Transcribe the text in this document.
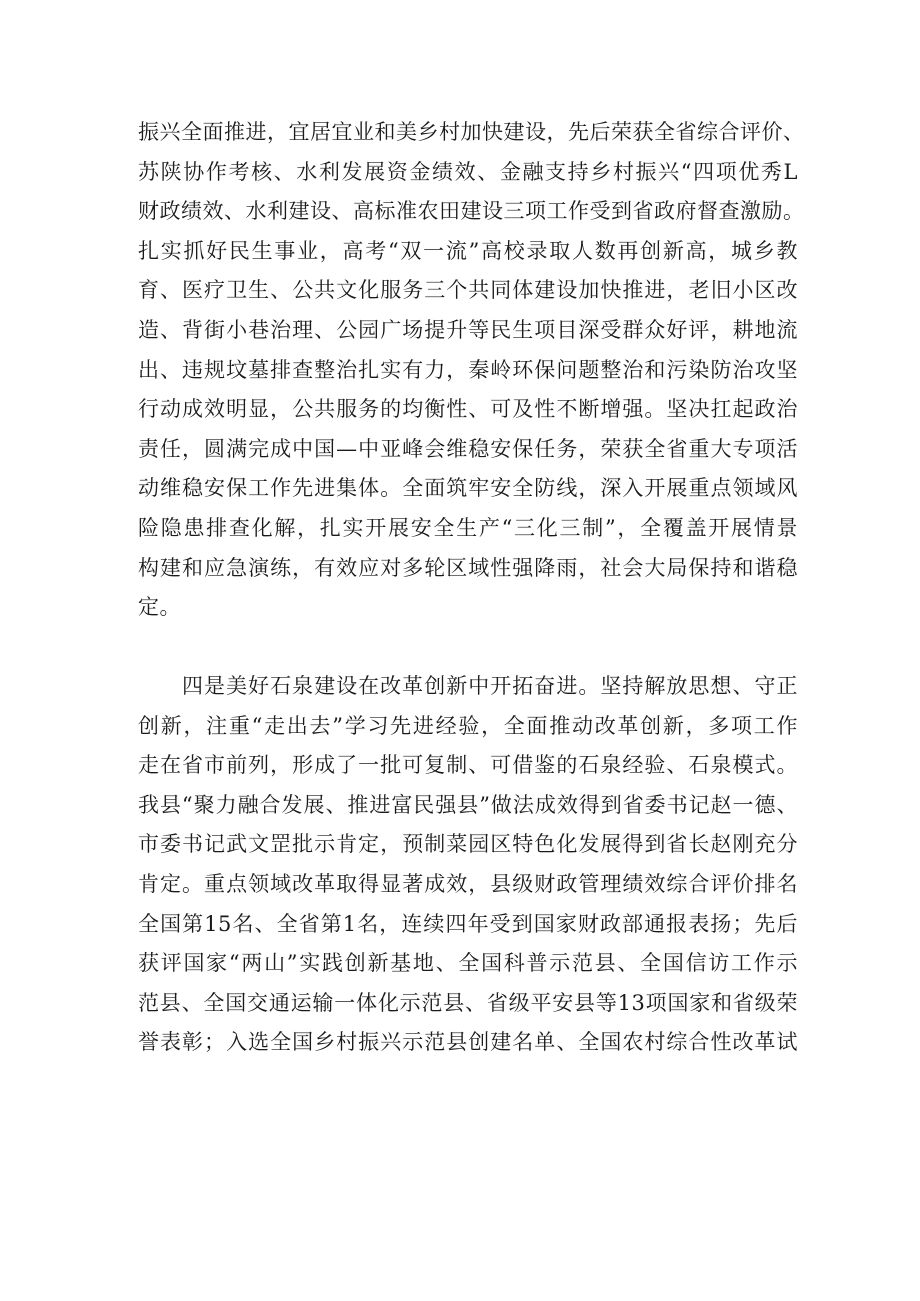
振兴全面推进，宜居宜业和美乡村加快建设，先后荣获全省综合评价、
苏陕协作考核、水利发展资金绩效、金融支持乡村振兴“四项优秀L
财政绩效、水利建设、高标准农田建设三项工作受到省政府督查激励。
扎实抓好民生事业，高考“双一流”高校录取人数再创新高，城乡教
育、医疗卫生、公共文化服务三个共同体建设加快推进，老旧小区改
造、背街小巷治理、公园广场提升等民生项目深受群众好评，耕地流
出、违规坟墓排查整治扎实有力，秦岭环保问题整治和污染防治攻坚
行动成效明显，公共服务的均衡性、可及性不断增强。坚决扛起政治
责任，圆满完成中国—中亚峰会维稳安保任务，荣获全省重大专项活
动维稳安保工作先进集体。全面筑牢安全防线，深入开展重点领域风
险隐患排查化解，扎实开展安全生产“三化三制”，全覆盖开展情景
构建和应急演练，有效应对多轮区域性强降雨，社会大局保持和谐稳
定。
四是美好石泉建设在改革创新中开拓奋进。坚持解放思想、守正
创新，注重“走出去”学习先进经验，全面推动改革创新，多项工作
走在省市前列，形成了一批可复制、可借鉴的石泉经验、石泉模式。
我县“聚力融合发展、推进富民强县”做法成效得到省委书记赵一德、
市委书记武文罡批示肯定，预制菜园区特色化发展得到省长赵刚充分
肯定。重点领域改革取得显著成效，县级财政管理绩效综合评价排名
全国第15名、全省第1名，连续四年受到国家财政部通报表扬；先后
获评国家“两山”实践创新基地、全国科普示范县、全国信访工作示
范县、全国交通运输一体化示范县、省级平安县等13项国家和省级荣
誉表彰；入选全国乡村振兴示范县创建名单、全国农村综合性改革试
